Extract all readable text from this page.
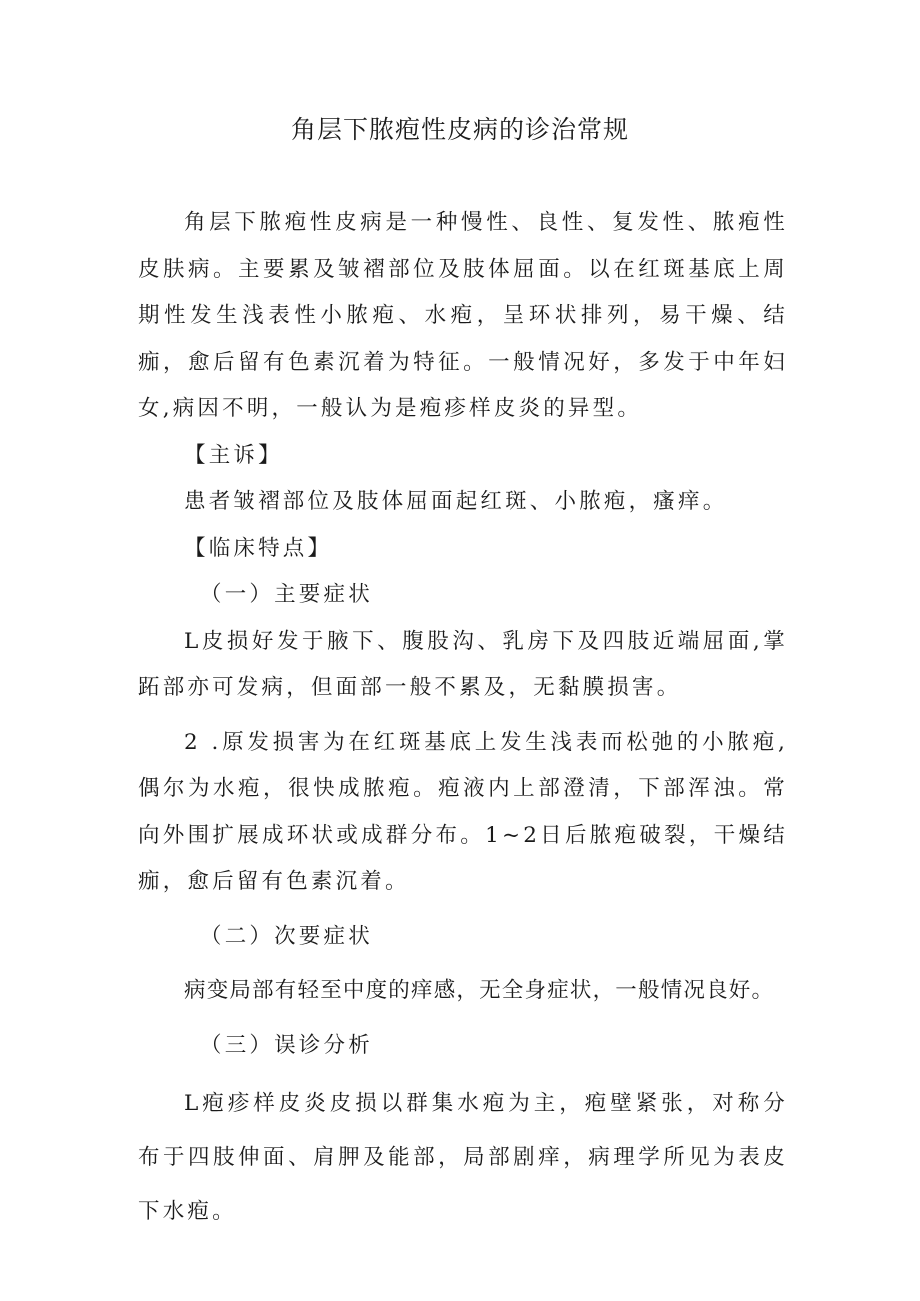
角层下脓疱性皮病的诊治常规

角层下脓疱性皮病是一种慢性、良性、复发性、脓疱性皮肤病。主要累及皱褶部位及肢体屈面。以在红斑基底上周期性发生浅表性小脓疱、水疱，呈环状排列，易干燥、结痂，愈后留有色素沉着为特征。一般情况好，多发于中年妇女,病因不明，一般认为是疱疹样皮炎的异型。

【主诉】

患者皱褶部位及肢体屈面起红斑、小脓疱，瘙痒。

【临床特点】

（一）主要症状

L皮损好发于腋下、腹股沟、乳房下及四肢近端屈面,掌跖部亦可发病，但面部一般不累及，无黏膜损害。

2 .原发损害为在红斑基底上发生浅表而松弛的小脓疱,偶尔为水疱，很快成脓疱。疱液内上部澄清，下部浑浊。常向外围扩展成环状或成群分布。1~2日后脓疱破裂，干燥结痂，愈后留有色素沉着。

（二）次要症状

病变局部有轻至中度的痒感，无全身症状，一般情况良好。

（三）误诊分析

L疱疹样皮炎皮损以群集水疱为主，疱壁紧张，对称分布于四肢伸面、肩胛及能部，局部剧痒，病理学所见为表皮下水疱。
